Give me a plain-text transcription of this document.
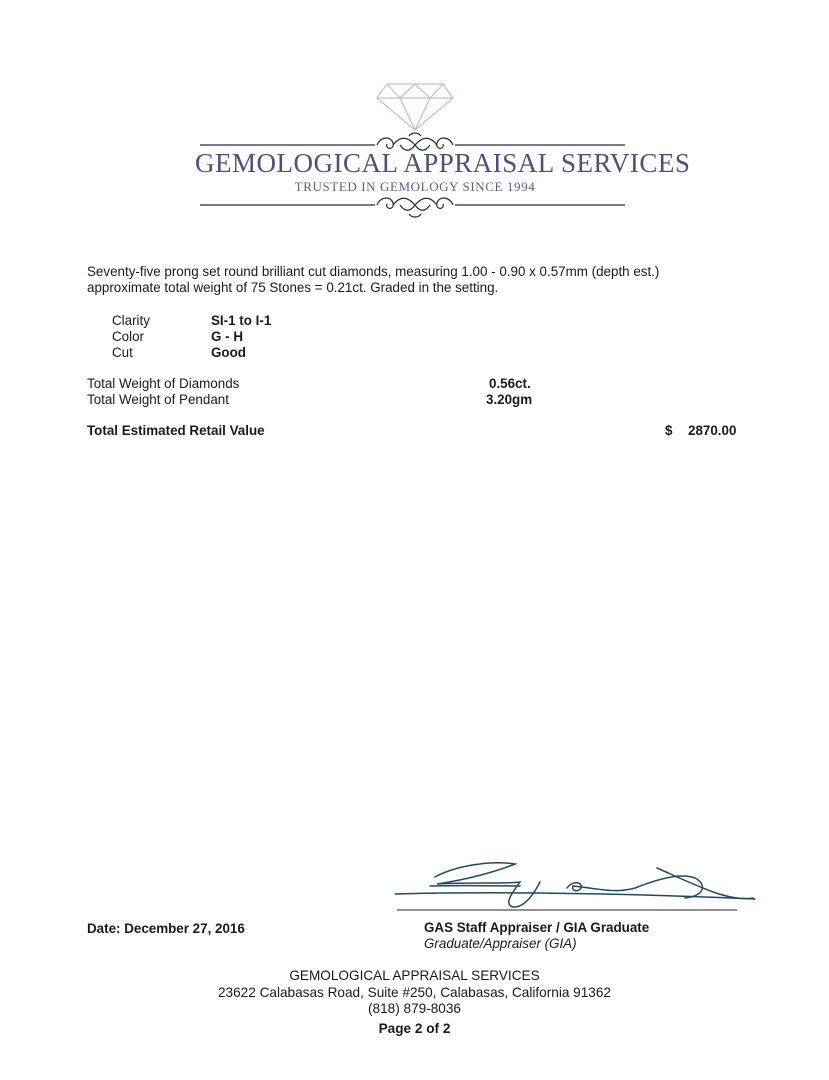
GEMOLOGICAL APPRAISAL SERVICES
TRUSTED IN GEMOLOGY SINCE 1994
Seventy-five prong set round brilliant cut diamonds, measuring 1.00 - 0.90 x 0.57mm (depth est.)
approximate total weight of 75 Stones = 0.21ct. Graded in the setting.
Clarity	SI-1 to I-1
Color	G - H
Cut	Good
Total Weight of Diamonds	0.56ct.
Total Weight of Pendant	3.20gm
Total Estimated Retail Value	$ 2870.00
Date: December 27, 2016	GAS Staff Appraiser / GIA Graduate
Graduate/Appraiser (GIA)
GEMOLOGICAL APPRAISAL SERVICES
23622 Calabasas Road, Suite #250, Calabasas, California 91362
(818) 879-8036
Page 2 of 2
